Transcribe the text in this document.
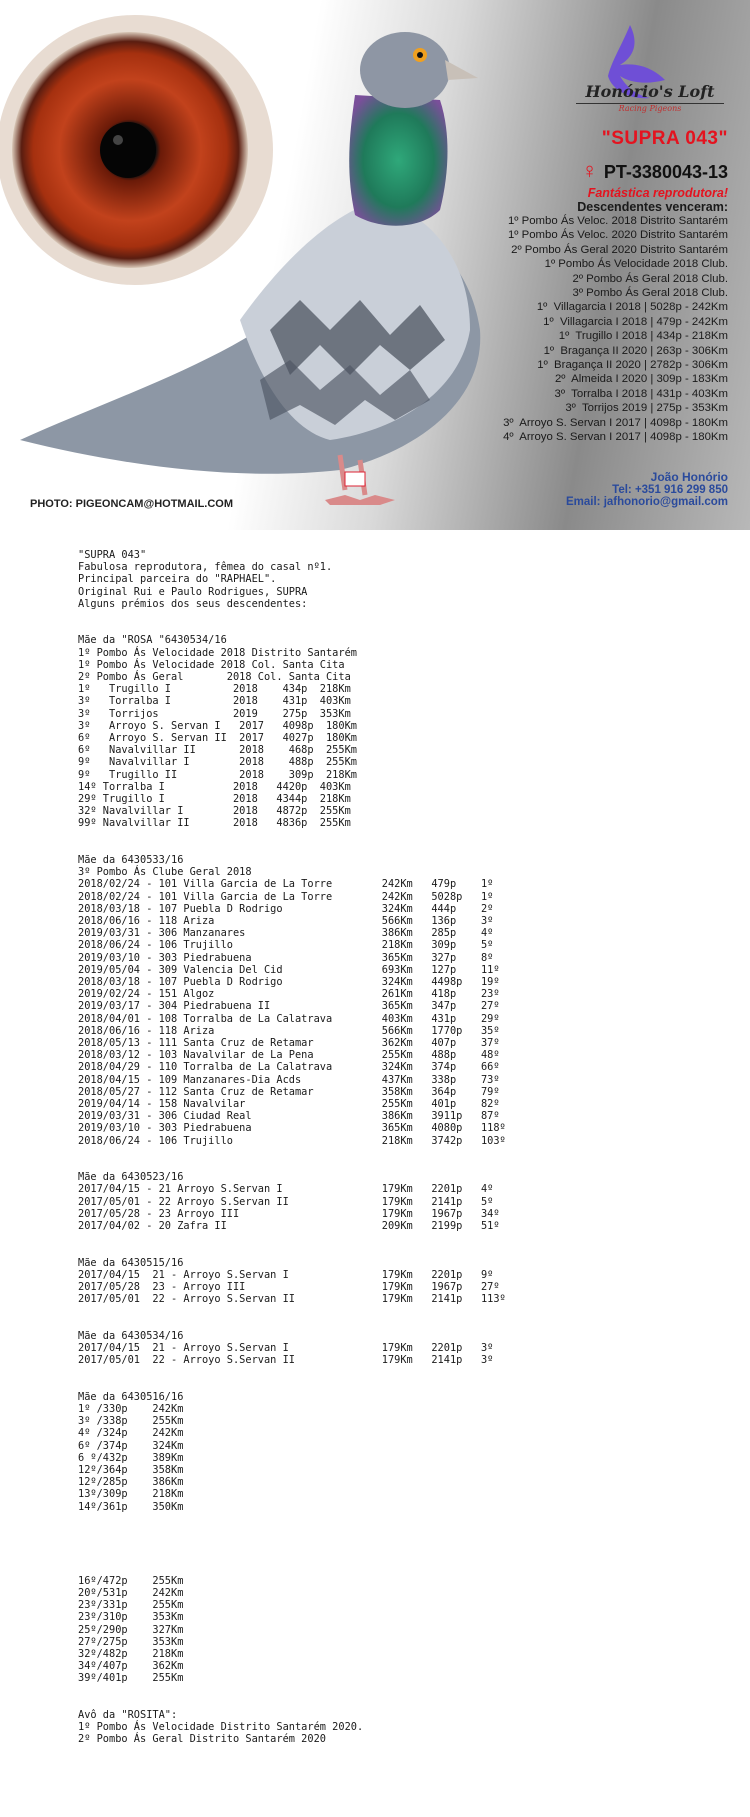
Honório's Loft
Racing Pigeons
"SUPRA 043"
♀ PT-3380043-13
Fantástica reprodutora!
Descendentes venceram:
1º Pombo Ás Veloc. 2018 Distrito Santarém
1º Pombo Ás Veloc. 2020 Distrito Santarém
2º Pombo Ás Geral 2020 Distrito Santarém
1º Pombo Ás Velocidade 2018 Club.
2º Pombo Ás Geral 2018 Club.
3º Pombo Ás Geral 2018 Club.
1º  Villagarcia I 2018 | 5028p - 242Km
1º  Villagarcia I 2018 | 479p - 242Km
1º  Trugillo I 2018 | 434p - 218Km
1º  Bragança II 2020 | 263p - 306Km
1º  Bragança II 2020 | 2782p - 306Km
2º  Almeida I 2020 | 309p - 183Km
3º  Torralba I 2018 | 431p - 403Km
3º  Torrijos 2019 | 275p - 353Km
3º  Arroyo S. Servan I 2017 | 4098p - 180Km
4º  Arroyo S. Servan I 2017 | 4098p - 180Km
João Honório
Tel: +351 916 299 850
Email: jafhonorio@gmail.com
PHOTO: PIGEONCAM@HOTMAIL.COM
"SUPRA 043"
Fabulosa reprodutora, fêmea do casal nº1.
Principal parceira do "RAPHAEL".
Original Rui e Paulo Rodrigues, SUPRA
Alguns prémios dos seus descendentes:
Mãe da "ROSA "6430534/16
1º Pombo Ás Velocidade 2018 Distrito Santarém
1º Pombo Ás Velocidade 2018 Col. Santa Cita
2º Pombo Ás Geral       2018 Col. Santa Cita
1º   Trugillo I          2018    434p  218Km
3º   Torralba I          2018    431p  403Km
3º   Torrijos            2019    275p  353Km
3º   Arroyo S. Servan I   2017   4098p  180Km
6º   Arroyo S. Servan II  2017   4027p  180Km
6º   Navalvillar II       2018    468p  255Km
9º   Navalvillar I        2018    488p  255Km
9º   Trugillo II          2018    309p  218Km
14º Torralba I           2018   4420p  403Km
29º Trugillo I           2018   4344p  218Km
32º Navalvillar I        2018   4872p  255Km
99º Navalvillar II       2018   4836p  255Km
Mãe da 6430533/16
3º Pombo Ás Clube Geral 2018
2018/02/24 - 101 Villa Garcia de La Torre        242Km   479p    1º
2018/02/24 - 101 Villa Garcia de La Torre        242Km   5028p   1º
2018/03/18 - 107 Puebla D Rodrigo                324Km   444p    2º
2018/06/16 - 118 Ariza                           566Km   136p    3º
2019/03/31 - 306 Manzanares                      386Km   285p    4º
2018/06/24 - 106 Trujillo                        218Km   309p    5º
2019/03/10 - 303 Piedrabuena                     365Km   327p    8º
2019/05/04 - 309 Valencia Del Cid                693Km   127p    11º
2018/03/18 - 107 Puebla D Rodrigo                324Km   4498p   19º
2019/02/24 - 151 Algoz                           261Km   418p    23º
2019/03/17 - 304 Piedrabuena II                  365Km   347p    27º
2018/04/01 - 108 Torralba de La Calatrava        403Km   431p    29º
2018/06/16 - 118 Ariza                           566Km   1770p   35º
2018/05/13 - 111 Santa Cruz de Retamar           362Km   407p    37º
2018/03/12 - 103 Navalvilar de La Pena           255Km   488p    48º
2018/04/29 - 110 Torralba de La Calatrava        324Km   374p    66º
2018/04/15 - 109 Manzanares-Dia Acds             437Km   338p    73º
2018/05/27 - 112 Santa Cruz de Retamar           358Km   364p    79º
2019/04/14 - 158 Navalvilar                      255Km   401p    82º
2019/03/31 - 306 Ciudad Real                     386Km   3911p   87º
2019/03/10 - 303 Piedrabuena                     365Km   4080p   118º
2018/06/24 - 106 Trujillo                        218Km   3742p   103º
Mãe da 6430523/16
2017/04/15 - 21 Arroyo S.Servan I                179Km   2201p   4º
2017/05/01 - 22 Arroyo S.Servan II               179Km   2141p   5º
2017/05/28 - 23 Arroyo III                       179Km   1967p   34º
2017/04/02 - 20 Zafra II                         209Km   2199p   51º
Mãe da 6430515/16
2017/04/15  21 - Arroyo S.Servan I               179Km   2201p   9º
2017/05/28  23 - Arroyo III                      179Km   1967p   27º
2017/05/01  22 - Arroyo S.Servan II              179Km   2141p   113º
Mãe da 6430534/16
2017/04/15  21 - Arroyo S.Servan I               179Km   2201p   3º
2017/05/01  22 - Arroyo S.Servan II              179Km   2141p   3º
Mãe da 6430516/16
1º /330p    242Km
3º /338p    255Km
4º /324p    242Km
6º /374p    324Km
6 º/432p    389Km
12º/364p    358Km
12º/285p    386Km
13º/309p    218Km
14º/361p    350Km
16º/472p    255Km
20º/531p    242Km
23º/331p    255Km
23º/310p    353Km
25º/290p    327Km
27º/275p    353Km
32º/482p    218Km
34º/407p    362Km
39º/401p    255Km
Avô da "ROSITA":
1º Pombo Ás Velocidade Distrito Santarém 2020.
2º Pombo Ás Geral Distrito Santarém 2020
